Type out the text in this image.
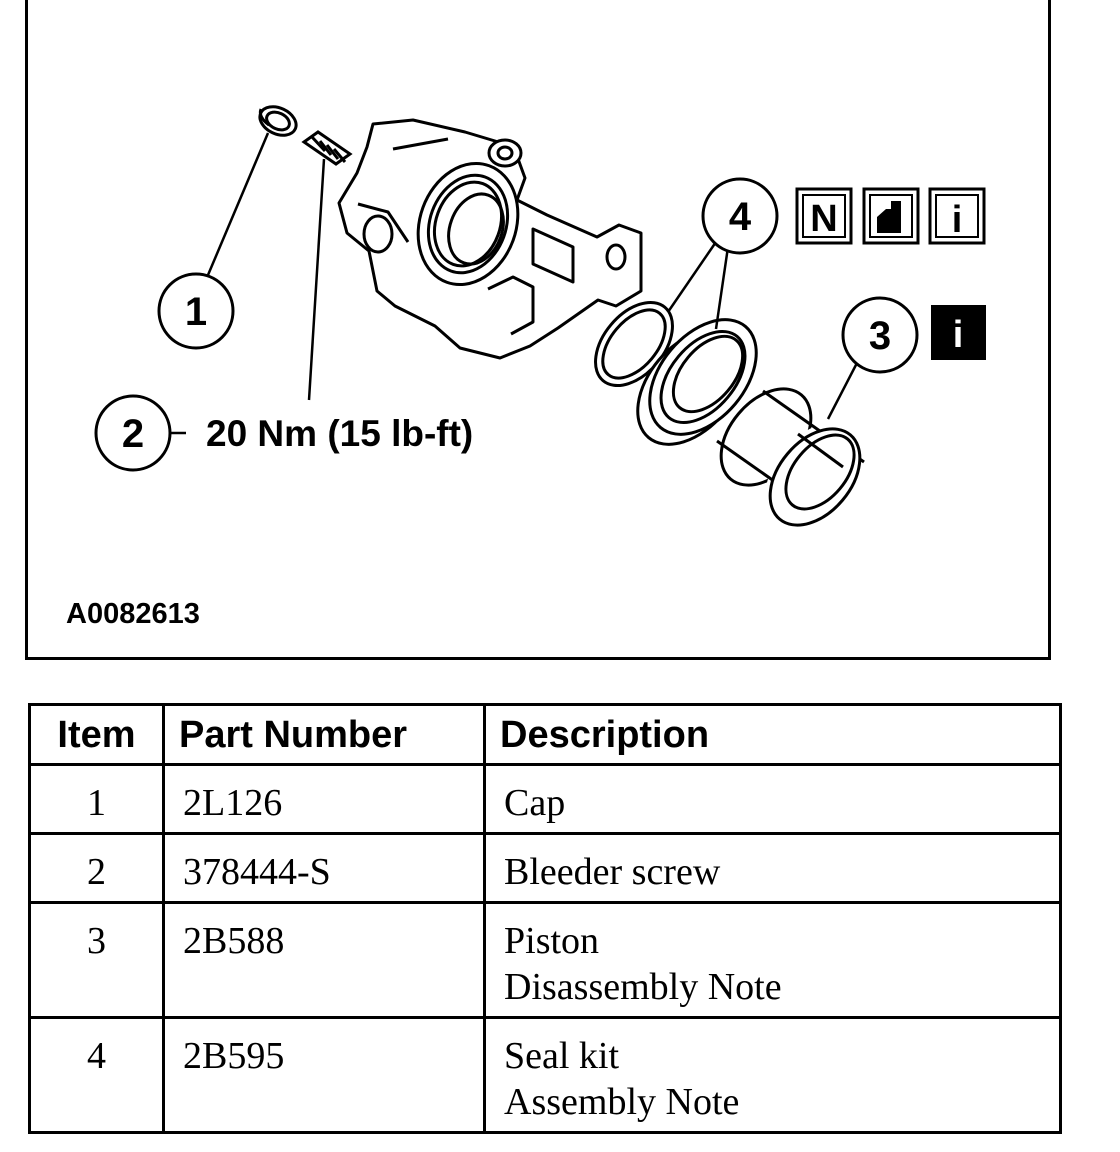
1
2
3
4
20 Nm (15 lb-ft)
N	i
i
A0082613
Item	Part Number	Description
1	2L126	Cap

2	378444-S	Bleeder screw

3	2B588	Piston
Disassembly Note

4	2B595	Seal kit
Assembly Note
